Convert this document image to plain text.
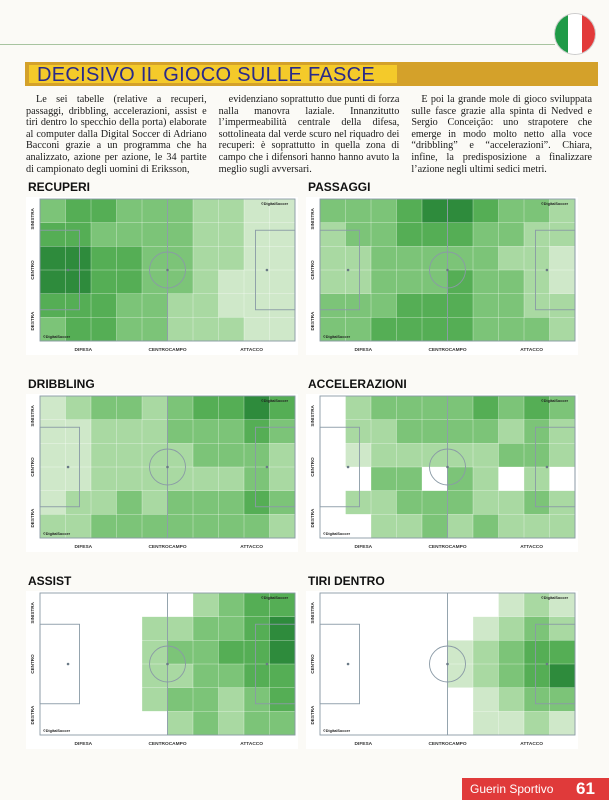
DECISIVO IL GIOCO SULLE FASCE

Le sei tabelle (relative a recuperi, passaggi, dribbling, accelerazioni, assist e tiri dentro lo specchio della porta) elaborate al computer dalla Digital Soccer di Adriano Bacconi grazie a un programma che ha analizzato, azione per azione, le 34 partite di campionato degli uomini di Eriksson,

evidenziano soprattutto due punti di forza nalla manovra laziale. Innanzitutto l’impermeabilità centrale della difesa, sottolineata dal verde scuro nel riquadro dei recuperi: è soprattutto in quella zona di campo che i difensori hanno hanno avuto la meglio sugli avversari.

E poi la grande mole di gioco sviluppata sulle fasce grazie alla spinta di Nedved e Sergio Conceição: uno strapotere che emerge in modo molto netto alla voce “dribbling” e “accelerazioni”. Chiara, infine, la predisposizione a finalizzare l’azione negli ultimi sedici metri.

RECUPERI
SINISTRA
CENTRO
DESTRA
DIFESA	CENTROCAMPO	ATTACCO
©DigitalSoccer
©DigitalSoccer
PASSAGGI
SINISTRA
CENTRO
DESTRA
DIFESA	CENTROCAMPO	ATTACCO
©DigitalSoccer
©DigitalSoccer
DRIBBLING
SINISTRA
CENTRO
DESTRA
DIFESA	CENTROCAMPO	ATTACCO
©DigitalSoccer
©DigitalSoccer
ACCELERAZIONI
SINISTRA
CENTRO
DESTRA
DIFESA	CENTROCAMPO	ATTACCO
©DigitalSoccer
©DigitalSoccer
ASSIST
SINISTRA
CENTRO
DESTRA
DIFESA	CENTROCAMPO	ATTACCO
©DigitalSoccer
©DigitalSoccer
TIRI DENTRO
SINISTRA
CENTRO
DESTRA
DIFESA	CENTROCAMPO	ATTACCO
©DigitalSoccer
©DigitalSoccer
Guerin Sportivo 61
